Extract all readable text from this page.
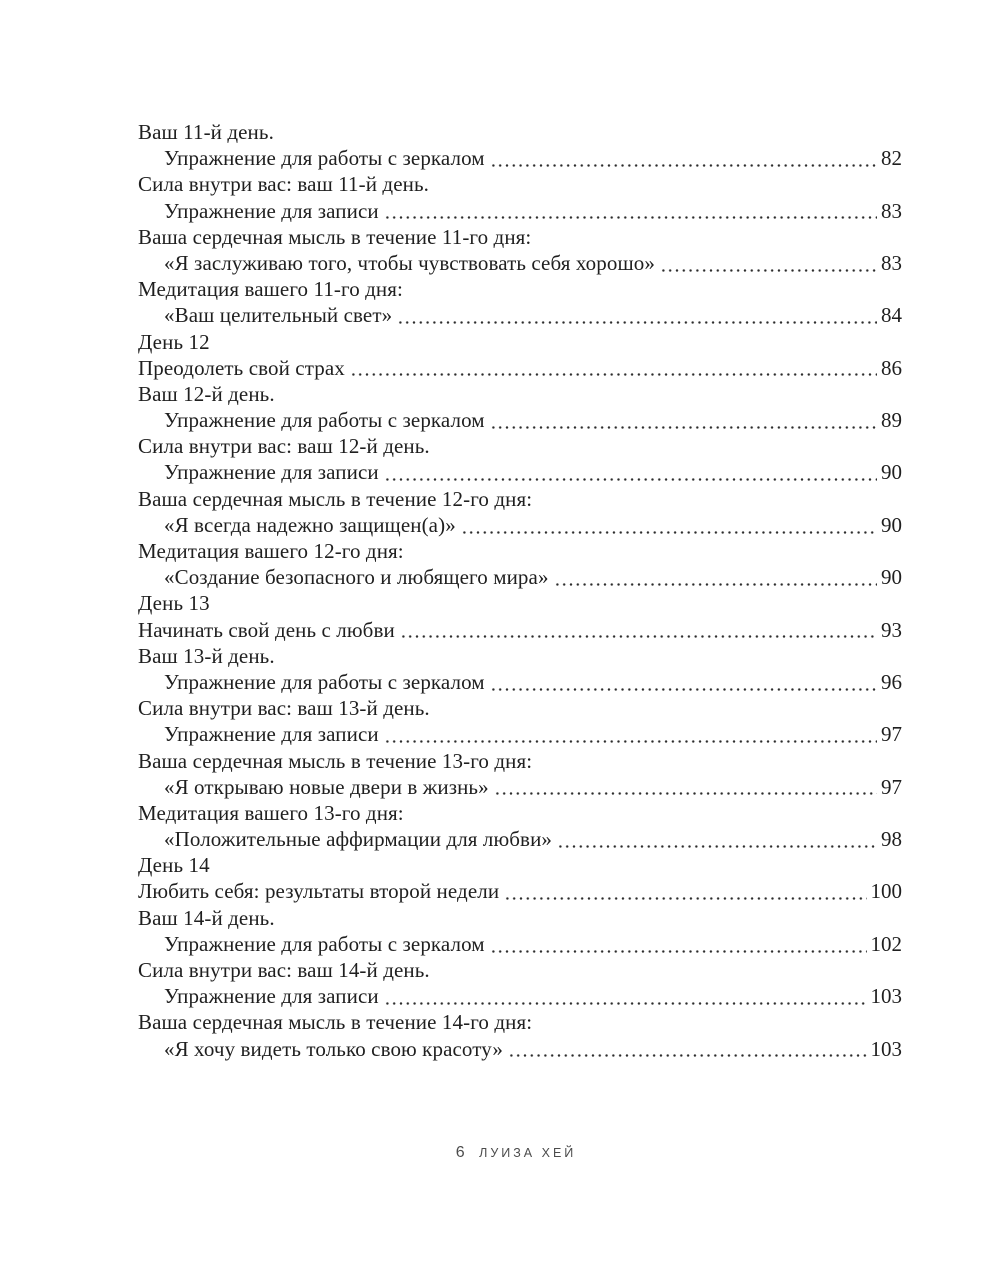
Ваш 11-й день.
Упражнение для работы с зеркалом	82
Сила внутри вас: ваш 11-й день.
Упражнение для записи	83
Ваша сердечная мысль в течение 11-го дня:
«Я заслуживаю того, чтобы чувствовать себя хорошо»	83
Медитация вашего 11-го дня:
«Ваш целительный свет»	84
День 12
Преодолеть свой страх	86
Ваш 12-й день.
Упражнение для работы с зеркалом	89
Сила внутри вас: ваш 12-й день.
Упражнение для записи	90
Ваша сердечная мысль в течение 12-го дня:
«Я всегда надежно защищен(а)»	90
Медитация вашего 12-го дня:
«Создание безопасного и любящего мира»	90
День 13
Начинать свой день с любви	93
Ваш 13-й день.
Упражнение для работы с зеркалом	96
Сила внутри вас: ваш 13-й день.
Упражнение для записи	97
Ваша сердечная мысль в течение 13-го дня:
«Я открываю новые двери в жизнь»	97
Медитация вашего 13-го дня:
«Положительные аффирмации для любви»	98
День 14
Любить себя: результаты второй недели	100
Ваш 14-й день.
Упражнение для работы с зеркалом	102
Сила внутри вас: ваш 14-й день.
Упражнение для записи	103
Ваша сердечная мысль в течение 14-го дня:
«Я хочу видеть только свою красоту»	103
6 ЛУИЗА ХЕЙ
